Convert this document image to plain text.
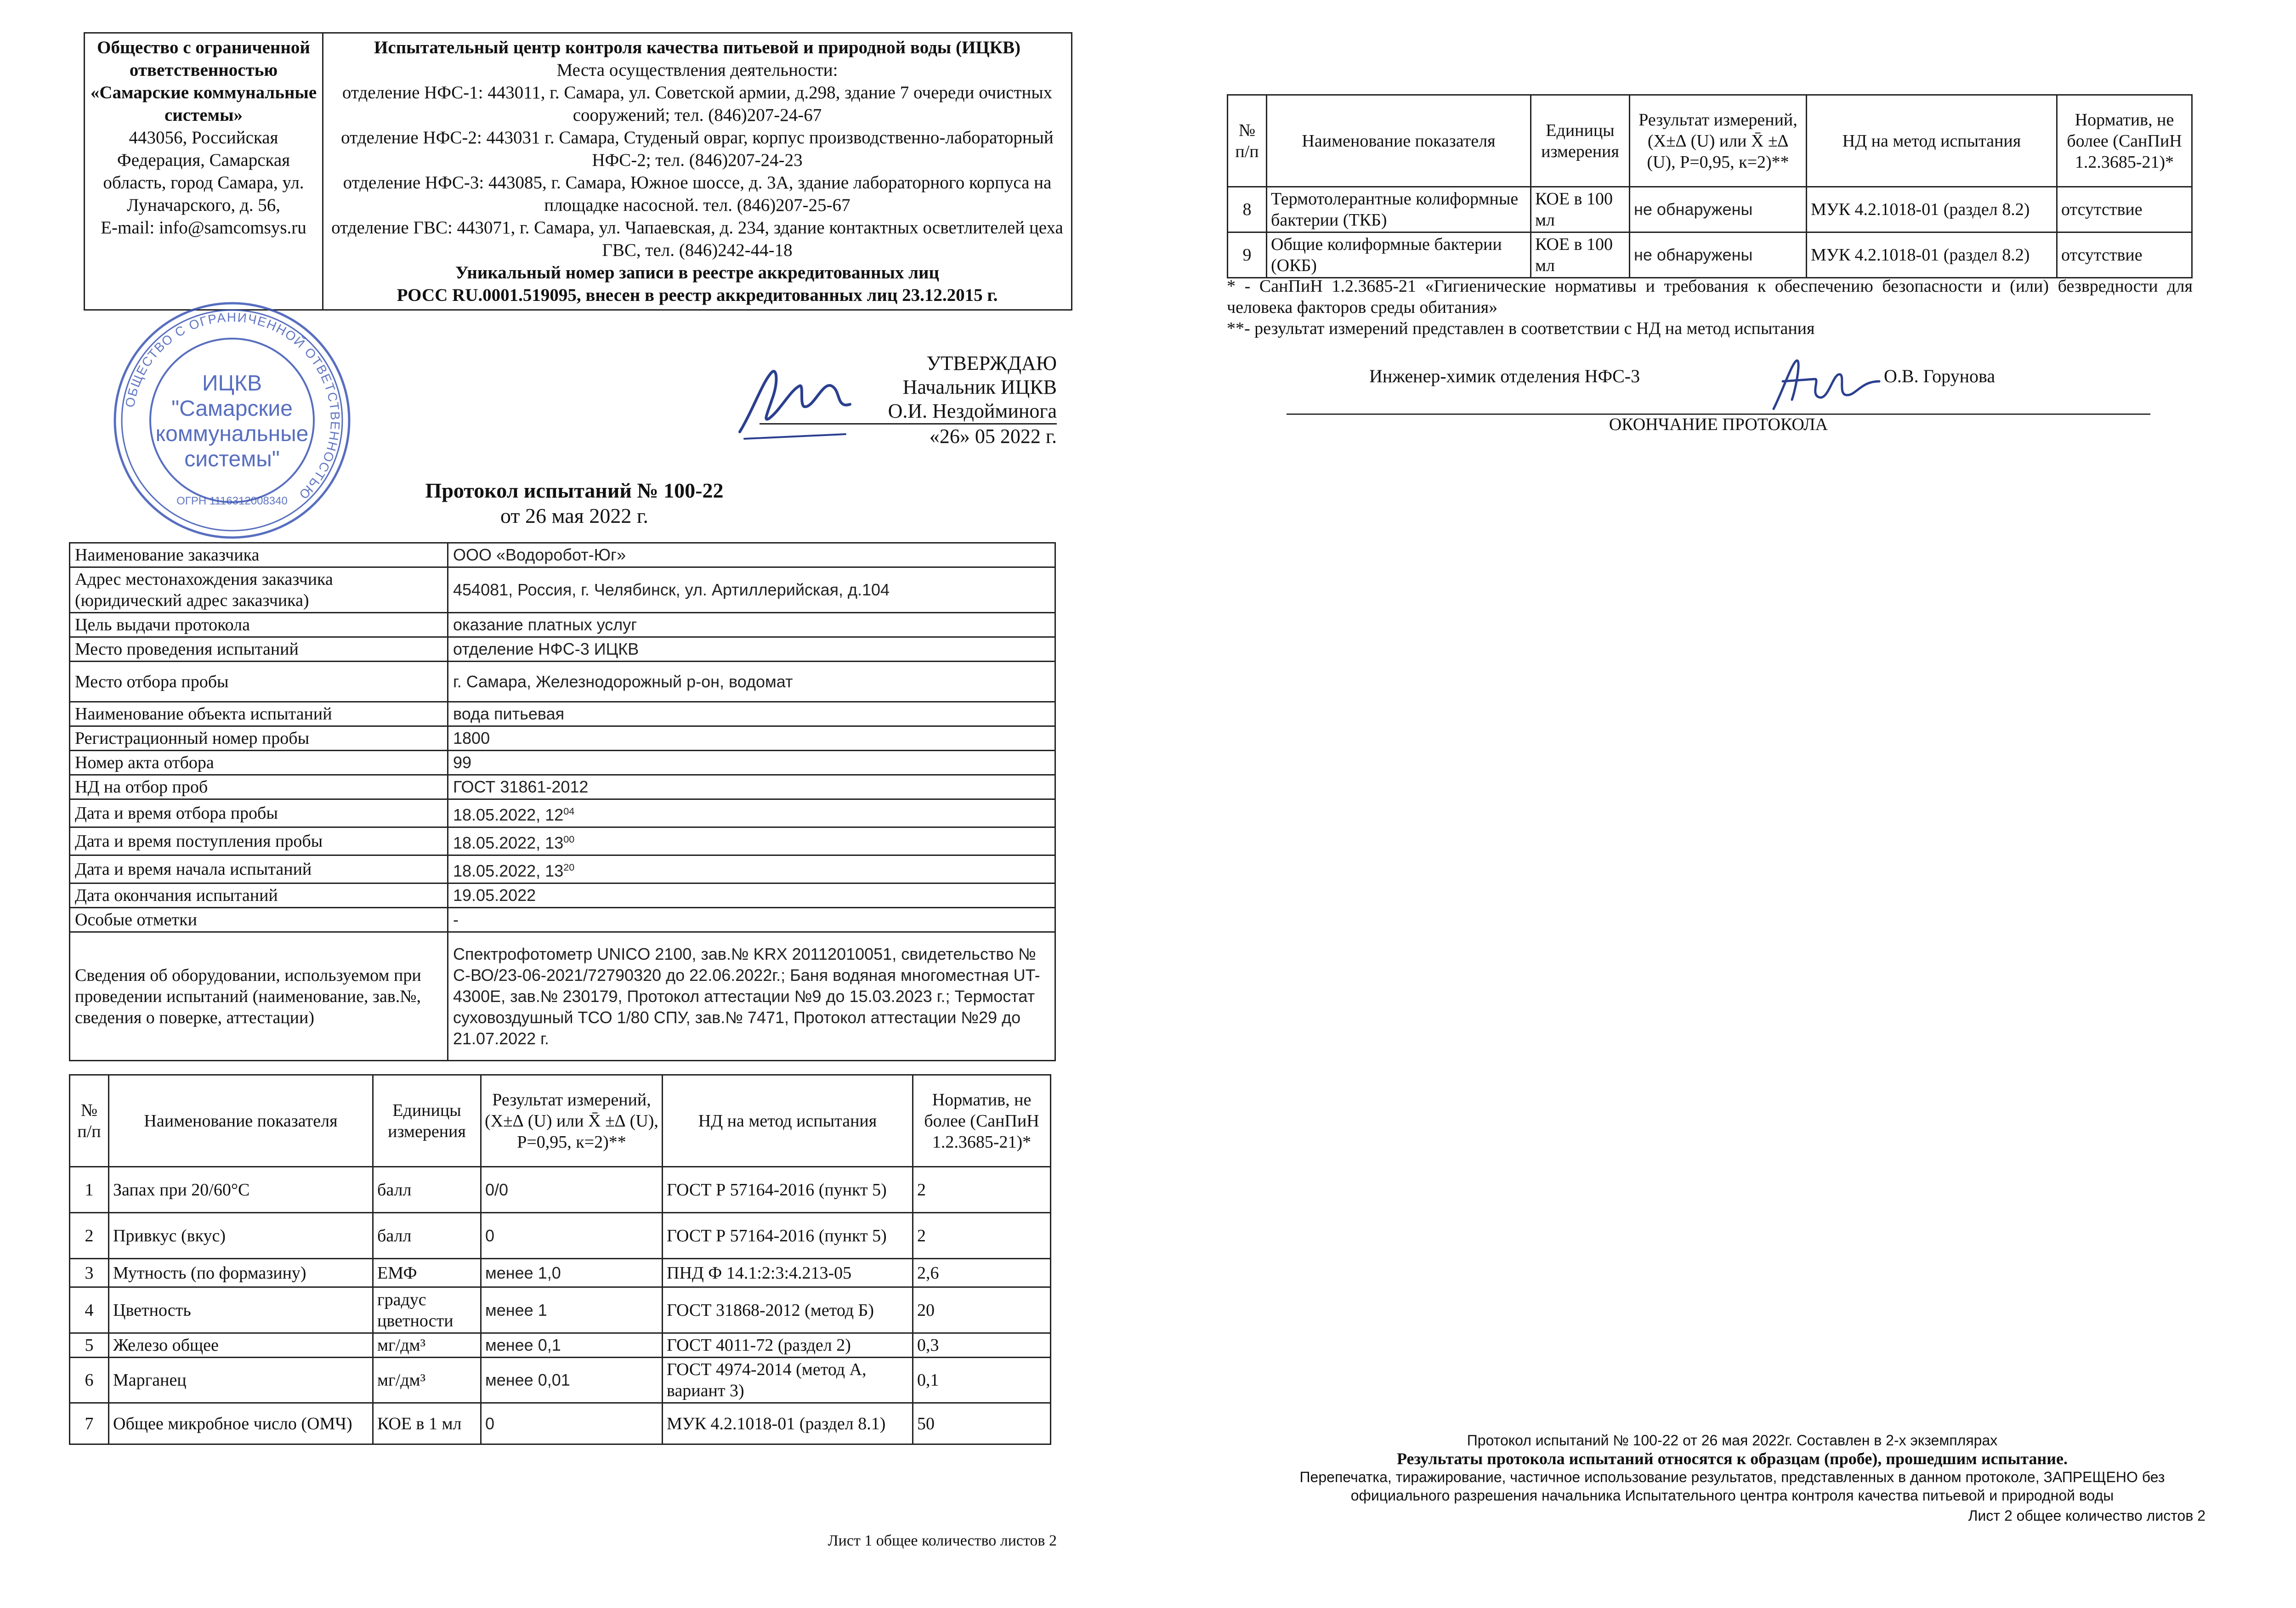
Общество с ограниченной ответственностью
«Самарские коммунальные системы»
443056, Российская Федерация, Самарская область, город Самара, ул. Луначарского, д. 56,
E-mail: info@samcomsys.ru

Испытательный центр контроля качества питьевой и природной воды (ИЦКВ)
Места осуществления деятельности:
отделение НФС-1: 443011, г. Самара, ул. Советской армии, д.298, здание 7 очереди очистных сооружений; тел. (846)207-24-67
отделение НФС-2: 443031 г. Самара, Студеный овраг, корпус производственно-лабораторный НФС-2; тел. (846)207-24-23
отделение НФС-3: 443085, г. Самара, Южное шоссе, д. 3А, здание лабораторного корпуса на площадке насосной. тел. (846)207-25-67
отделение ГВС: 443071, г. Самара, ул. Чапаевская, д. 234, здание контактных осветлителей цеха ГВС, тел. (846)242-44-18
Уникальный номер записи в реестре аккредитованных лиц
РОСС RU.0001.519095, внесен в реестр аккредитованных лиц 23.12.2015 г.
ОБЩЕСТВО С ОГРАНИЧЕННОЙ ОТВЕТСТВЕННОСТЬЮ
ОГРН 1116312008340
ИЦКВ
"Самарские
коммунальные
системы"
УТВЕРЖДАЮ
Начальник ИЦКВ
О.И. Нездойминога
«26» 05 2022 г.
Протокол испытаний № 100-22
от 26 мая 2022 г.
Наименование заказчика	ООО «Водоробот-Юг»
Адрес местонахождения заказчика (юридический адрес заказчика)	454081, Россия, г. Челябинск, ул. Артиллерийская, д.104
Цель выдачи протокола	оказание платных услуг
Место проведения испытаний	отделение НФС-3 ИЦКВ
Место отбора пробы	г. Самара, Железнодорожный р-он, водомат
Наименование объекта испытаний	вода питьевая
Регистрационный номер пробы	1800
Номер акта отбора	99
НД на отбор проб	ГОСТ 31861-2012
Дата и время отбора пробы	18.05.2022, $12^{04}$
Дата и время поступления пробы	18.05.2022, $13^{00}$
Дата и время начала испытаний	18.05.2022, $13^{20}$
Дата окончания испытаний	19.05.2022
Особые отметки	-
Сведения об оборудовании, используемом при проведении испытаний (наименование, зав.№, сведения о поверке, аттестации)	Спектрофотометр UNICO 2100, зав.№ KRX 20112010051, свидетельство № С-ВО/23-06-2021/72790320 до 22.06.2022г.; Баня водяная многоместная UT-4300E, зав.№ 230179, Протокол аттестации №9 до 15.03.2023 г.; Термостат суховоздушный ТСО 1/80 СПУ, зав.№ 7471, Протокол аттестации №29 до 21.07.2022 г.
№ п/п	Наименование показателя	Единицы измерения	Результат измерений, (Х±∆ (U) или X̄ ±∆ (U), Р=0,95, к=2)**	НД на метод испытания	Норматив, не более (СанПиН 1.2.3685-21)*
1	Запах при 20/60°С	балл	0/0	ГОСТ Р 57164-2016 (пункт 5)	2
2	Привкус (вкус)	балл	0	ГОСТ Р 57164-2016 (пункт 5)	2
3	Мутность (по формазину)	ЕМФ	менее 1,0	ПНД Ф 14.1:2:3:4.213-05	2,6
4	Цветность	градус цветности	менее 1	ГОСТ 31868-2012 (метод Б)	20
5	Железо общее	мг/дм³	менее 0,1	ГОСТ 4011-72 (раздел 2)	0,3
6	Марганец	мг/дм³	менее 0,01	ГОСТ 4974-2014 (метод А, вариант 3)	0,1
7	Общее микробное число (ОМЧ)	КОЕ в 1 мл	0	МУК 4.2.1018-01 (раздел 8.1)	50
Лист 1 общее количество листов 2
№ п/п	Наименование показателя	Единицы измерения	Результат измерений, (Х±∆ (U) или X̄ ±∆ (U), Р=0,95, к=2)**	НД на метод испытания	Норматив, не более (СанПиН 1.2.3685-21)*
8	Термотолерантные колиформные бактерии (ТКБ)	КОЕ в 100 мл	не обнаружены	МУК 4.2.1018-01 (раздел 8.2)	отсутствие
9	Общие колиформные бактерии (ОКБ)	КОЕ в 100 мл	не обнаружены	МУК 4.2.1018-01 (раздел 8.2)	отсутствие
* - СанПиН 1.2.3685-21 «Гигиенические нормативы и требования к обеспечению безопасности и (или) безвредности для человека факторов среды обитания»
**- результат измерений представлен в соответствии с НД на метод испытания
Инженер-химик отделения НФС-3	О.В. Горунова
ОКОНЧАНИЕ ПРОТОКОЛА
Протокол испытаний № 100-22 от 26 мая 2022г. Составлен в 2-х экземплярах
Результаты протокола испытаний относятся к образцам (пробе), прошедшим испытание.
Перепечатка, тиражирование, частичное использование результатов, представленных в данном протоколе, ЗАПРЕЩЕНО без официального разрешения начальника Испытательного центра контроля качества питьевой и природной воды
Лист 2 общее количество листов 2
